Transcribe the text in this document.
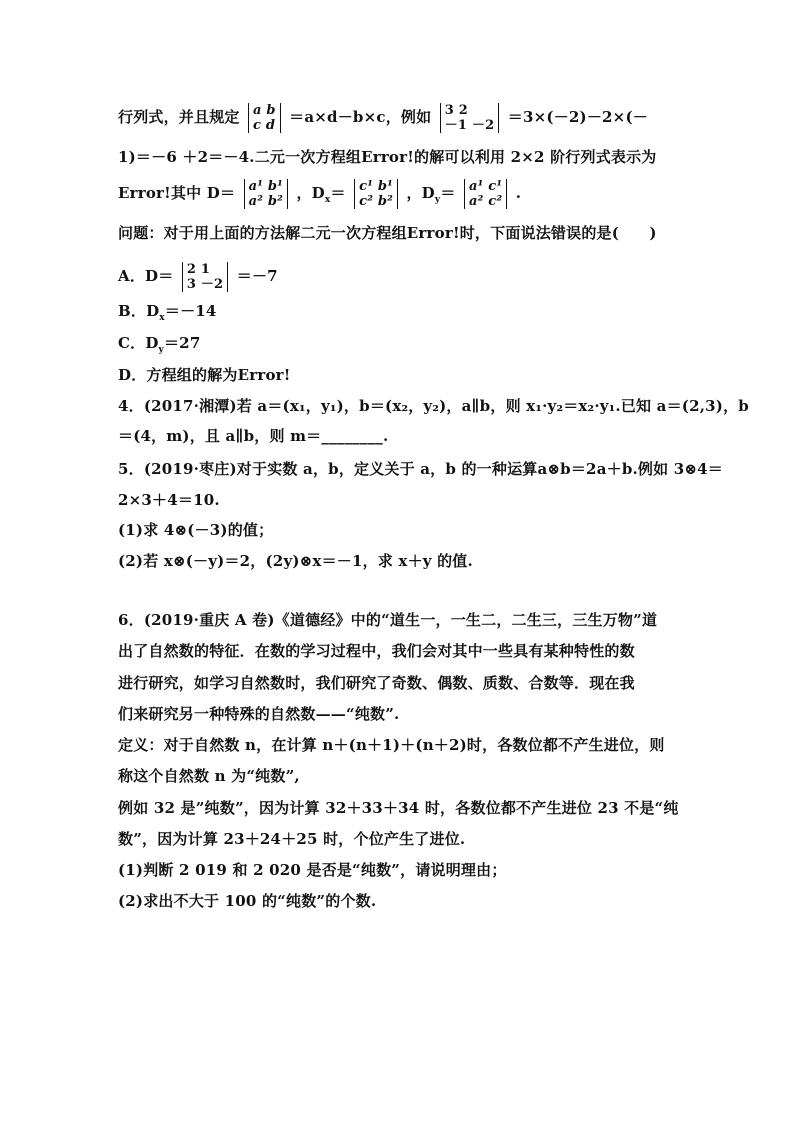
行列式，并且规定 a b
c d ＝a×d－b×c，例如 3 2
－1 －2 ＝3×(－2)－2×(－
1)＝－6 ＋2＝－4.二元一次方程组Error!的解可以利用 2×2 阶行列式表示为
Error!其中 D＝ a¹ b¹
a² b² ，$D_x= c^1$ b¹
c² b² ，$D_y= a^1$ c¹
a² c² .
问题：对于用上面的方法解二元一次方程组Error!时，下面说法错误的是(　　)
A．D＝ 2 1
3 －2 ＝－7
B．$D_x=-14$
C．$D_y=27$
D．方程组的解为Error!
4．(2017·湘潭)若 a＝(x₁，y₁)，b＝(x₂，y₂)，a∥b，则 x₁·y₂＝x₂·y₁.已知 a＝(2,3)，b
＝(4，m)，且 a∥b，则 m＝________.
5．(2019·枣庄)对于实数 a，b，定义关于 a，b 的一种运算a⊗b＝2a＋b.例如 3⊗4＝
2×3＋4＝10.
(1)求 4⊗(－3)的值；
(2)若 x⊗(－y)＝2，(2y)⊗x＝－1，求 x＋y 的值.
6．(2019·重庆 A 卷)《道德经》中的“道生一，一生二，二生三，三生万物”道
出了自然数的特征．在数的学习过程中，我们会对其中一些具有某种特性的数
进行研究，如学习自然数时，我们研究了奇数、偶数、质数、合数等．现在我
们来研究另一种特殊的自然数——“纯数”.
定义：对于自然数 n，在计算 n＋(n＋1)＋(n＋2)时，各数位都不产生进位，则
称这个自然数 n 为“纯数”,
例如 32 是”纯数”，因为计算 32＋33＋34 时，各数位都不产生进位 23 不是“纯
数”，因为计算 23＋24＋25 时，个位产生了进位.
(1)判断 2 019 和 2 020 是否是“纯数”，请说明理由；
(2)求出不大于 100 的“纯数”的个数.
